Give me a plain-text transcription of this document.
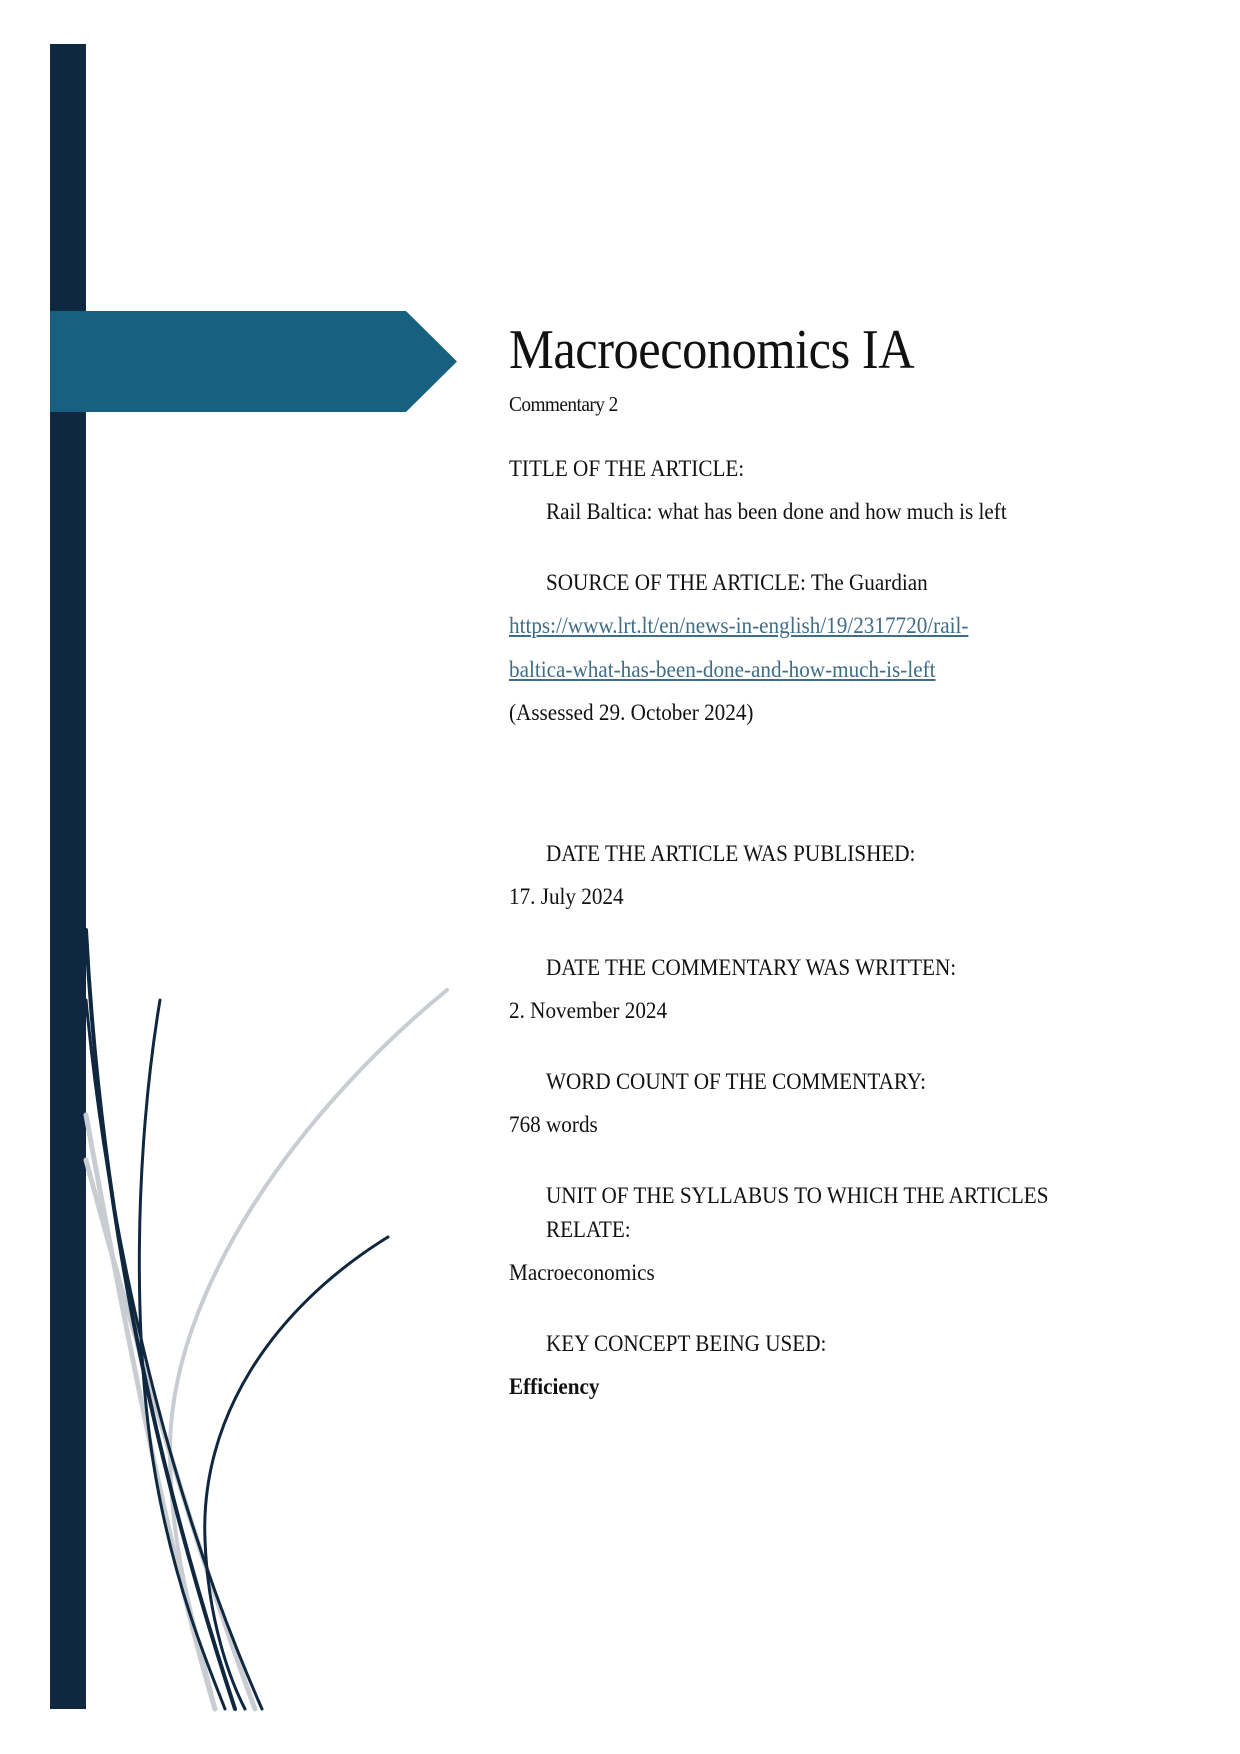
Macroeconomics IA
Commentary 2
TITLE OF THE ARTICLE:
Rail Baltica: what has been done and how much is left
SOURCE OF THE ARTICLE: The Guardian
https://www.lrt.lt/en/news-in-english/19/2317720/rail-
baltica-what-has-been-done-and-how-much-is-left
(Assessed 29. October 2024)
DATE THE ARTICLE WAS PUBLISHED:
17. July 2024
DATE THE COMMENTARY WAS WRITTEN:
2. November 2024
WORD COUNT OF THE COMMENTARY:
768 words
UNIT OF THE SYLLABUS TO WHICH THE ARTICLES
RELATE:
Macroeconomics
KEY CONCEPT BEING USED:
Efficiency
